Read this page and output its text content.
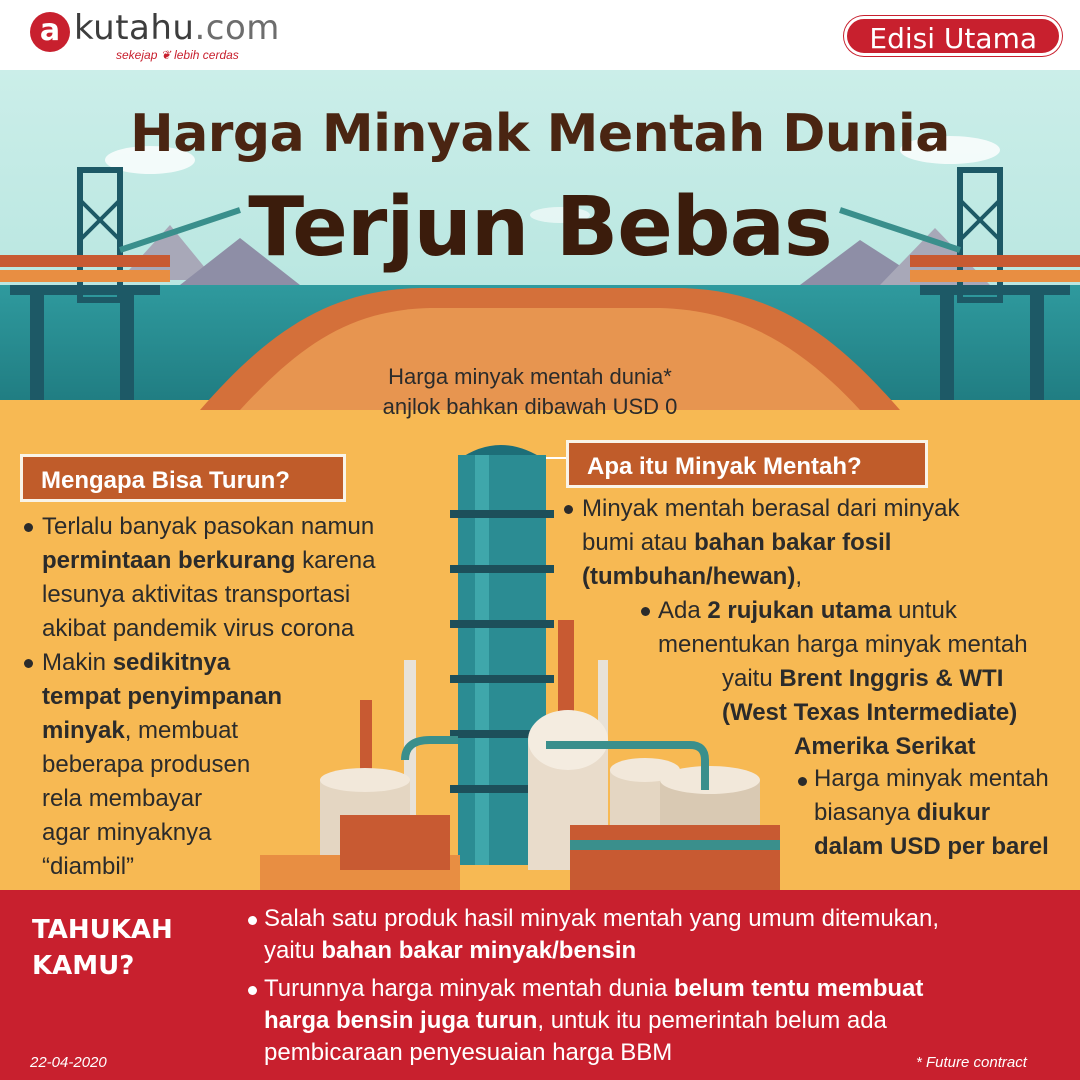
a kutahu.com
sekejap ❦ lebih cerdas	Edisi Utama
Harga Minyak Mentah Dunia
Terjun Bebas
Harga minyak mentah dunia*
anjlok bahkan dibawah USD 0
Mengapa Bisa Turun?
Terlalu banyak pasokan namun
permintaan berkurang karena
lesunya aktivitas transportasi
akibat pandemik virus corona
Makin sedikitnya
tempat penyimpanan
minyak, membuat
beberapa produsen
rela membayar
agar minyaknya
“diambil”
Apa itu Minyak Mentah?
Minyak mentah berasal dari minyak
bumi atau bahan bakar fosil
(tumbuhan/hewan),
Ada 2 rujukan utama untuk
menentukan harga minyak mentah
yaitu Brent Inggris & WTI
(West Texas Intermediate)
Amerika Serikat
Harga minyak mentah
biasanya diukur
dalam USD per barel
TAHUKAH
KAMU?
Salah satu produk hasil minyak mentah yang umum ditemukan,
yaitu bahan bakar minyak/bensin
Turunnya harga minyak mentah dunia belum tentu membuat
harga bensin juga turun, untuk itu pemerintah belum ada
pembicaraan penyesuaian harga BBM
22-04-2020	* Future contract
